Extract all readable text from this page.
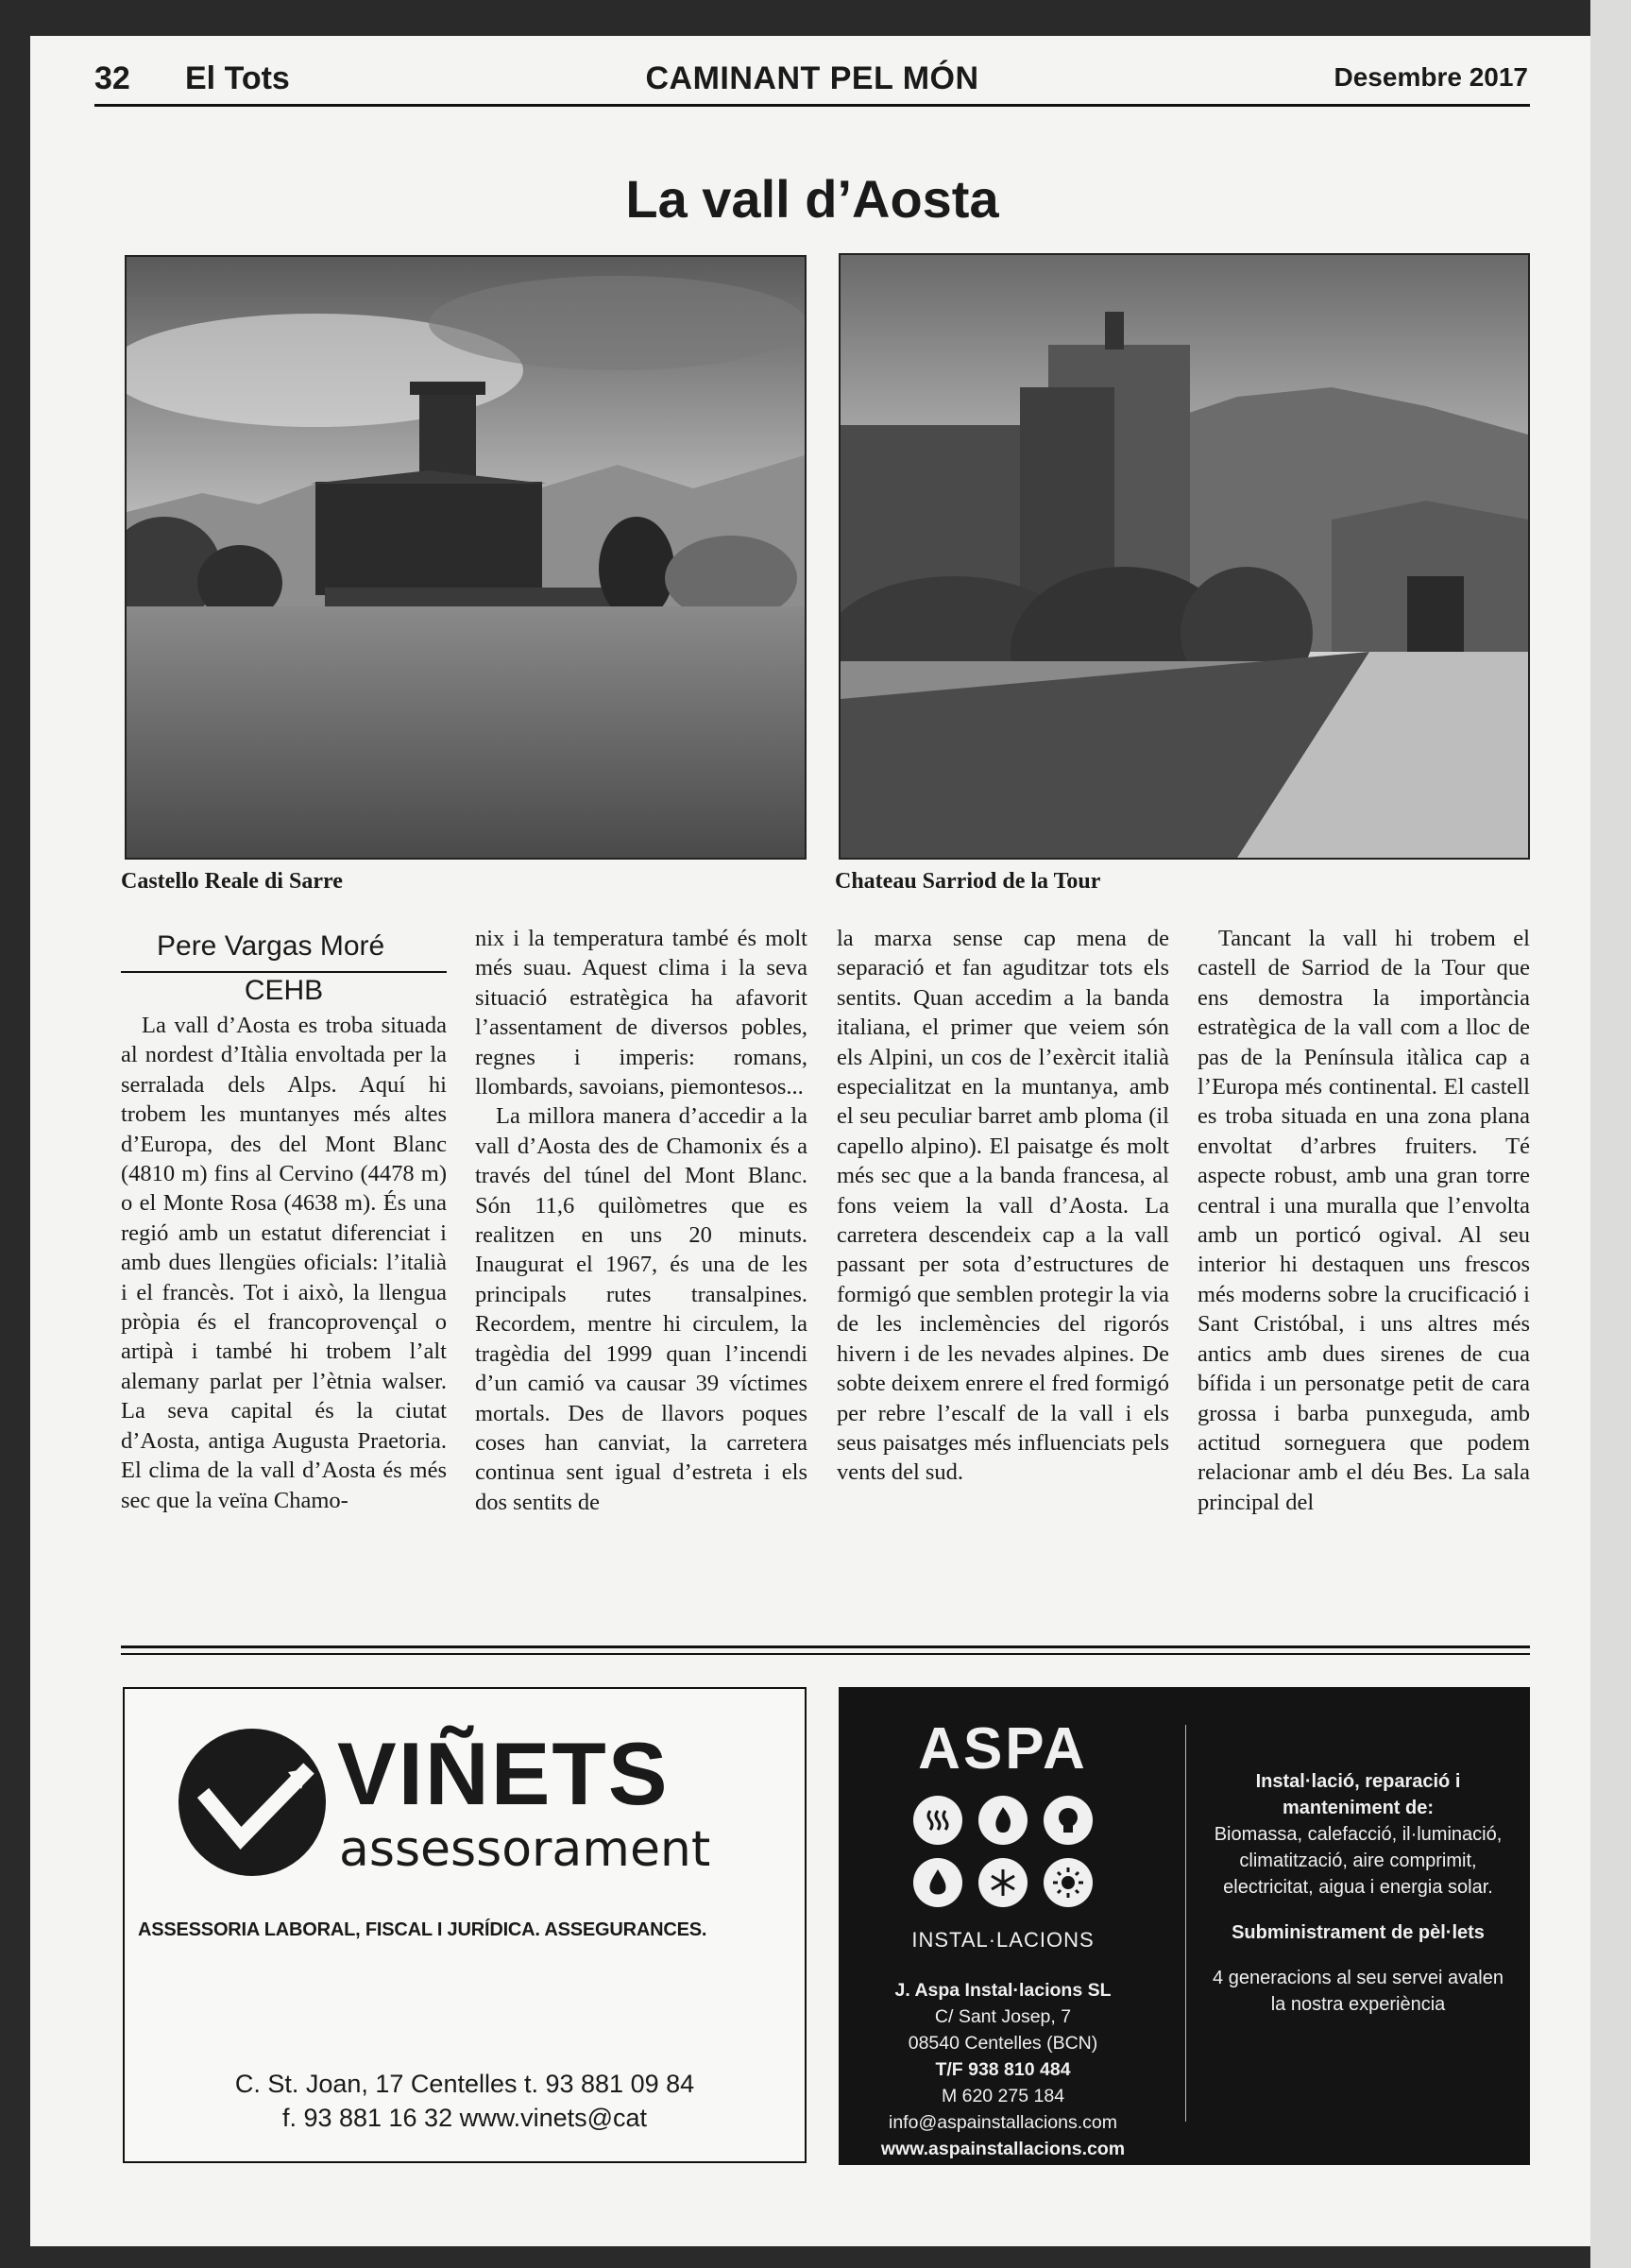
32 El Tots	CAMINANT PEL MÓN	Desembre 2017
La vall d’Aosta
Castello Reale di Sarre	Chateau Sarriod de la Tour
Pere Vargas Moré
CEHB

La vall d’Aosta es troba situada al nordest d’Itàlia envoltada per la serralada dels Alps. Aquí hi trobem les muntanyes més altes d’Europa, des del Mont Blanc (4810 m) fins al Cervino (4478 m) o el Monte Rosa (4638 m). És una regió amb un estatut diferenciat i amb dues llengües oficials: l’italià i el francès. Tot i això, la llengua pròpia és el francoprovençal o artipà i també hi trobem l’alt alemany parlat per l’ètnia walser. La seva capital és la ciutat d’Aosta, antiga Augusta Praetoria. El clima de la vall d’Aosta és més sec que la veïna Chamo-

nix i la temperatura també és molt més suau. Aquest clima i la seva situació estratègica ha afavorit l’assentament de diversos pobles, regnes i imperis: romans, llombards, savoians, piemontesos...

La millora manera d’accedir a la vall d’Aosta des de Chamonix és a través del túnel del Mont Blanc. Són 11,6 quilòmetres que es realitzen en uns 20 minuts. Inaugurat el 1967, és una de les principals rutes transalpines. Recordem, mentre hi circulem, la tragèdia del 1999 quan l’incendi d’un camió va causar 39 víctimes mortals. Des de llavors poques coses han canviat, la carretera continua sent igual d’estreta i els dos sentits de

la marxa sense cap mena de separació et fan aguditzar tots els sentits. Quan accedim a la banda italiana, el primer que veiem són els Alpini, un cos de l’exèrcit italià especialitzat en la muntanya, amb el seu peculiar barret amb ploma (il capello alpino). El paisatge és molt més sec que a la banda francesa, al fons veiem la vall d’Aosta. La carretera descendeix cap a la vall passant per sota d’estructures de formigó que semblen protegir la via de les inclemències del rigorós hivern i de les nevades alpines. De sobte deixem enrere el fred formigó per rebre l’escalf de la vall i els seus paisatges més influenciats pels vents del sud.

Tancant la vall hi trobem el castell de Sarriod de la Tour que ens demostra la importància estratègica de la vall com a lloc de pas de la Península itàlica cap a l’Europa més continental. El castell es troba situada en una zona plana envoltat d’arbres fruiters. Té aspecte robust, amb una gran torre central i una muralla que l’envolta amb un porticó ogival. Al seu interior hi destaquen uns frescos més moderns sobre la crucificació i Sant Cristóbal, i uns altres més antics amb dues sirenes de cua bífida i un personatge petit de cara grossa i barba punxeguda, amb actitud sorneguera que podem relacionar amb el déu Bes. La sala principal del

VIÑETS
assessorament
ASSESSORIA LABORAL, FISCAL I JURÍDICA. ASSEGURANCES.
C. St. Joan, 17 Centelles t. 93 881 09 84
f. 93 881 16 32 www.vinets@cat
ASPA
INSTAL·LACIONS
J. Aspa Instal·lacions SL
C/ Sant Josep, 7
08540 Centelles (BCN)
T/F 938 810 484
M 620 275 184
info@aspainstallacions.com
www.aspainstallacions.com
Instal·lació, reparació i manteniment de:
Biomassa, calefacció, il·luminació, climatització, aire comprimit, electricitat, aigua i energia solar.
Subministrament de pèl·lets
4 generacions al seu servei avalen la nostra experiència
